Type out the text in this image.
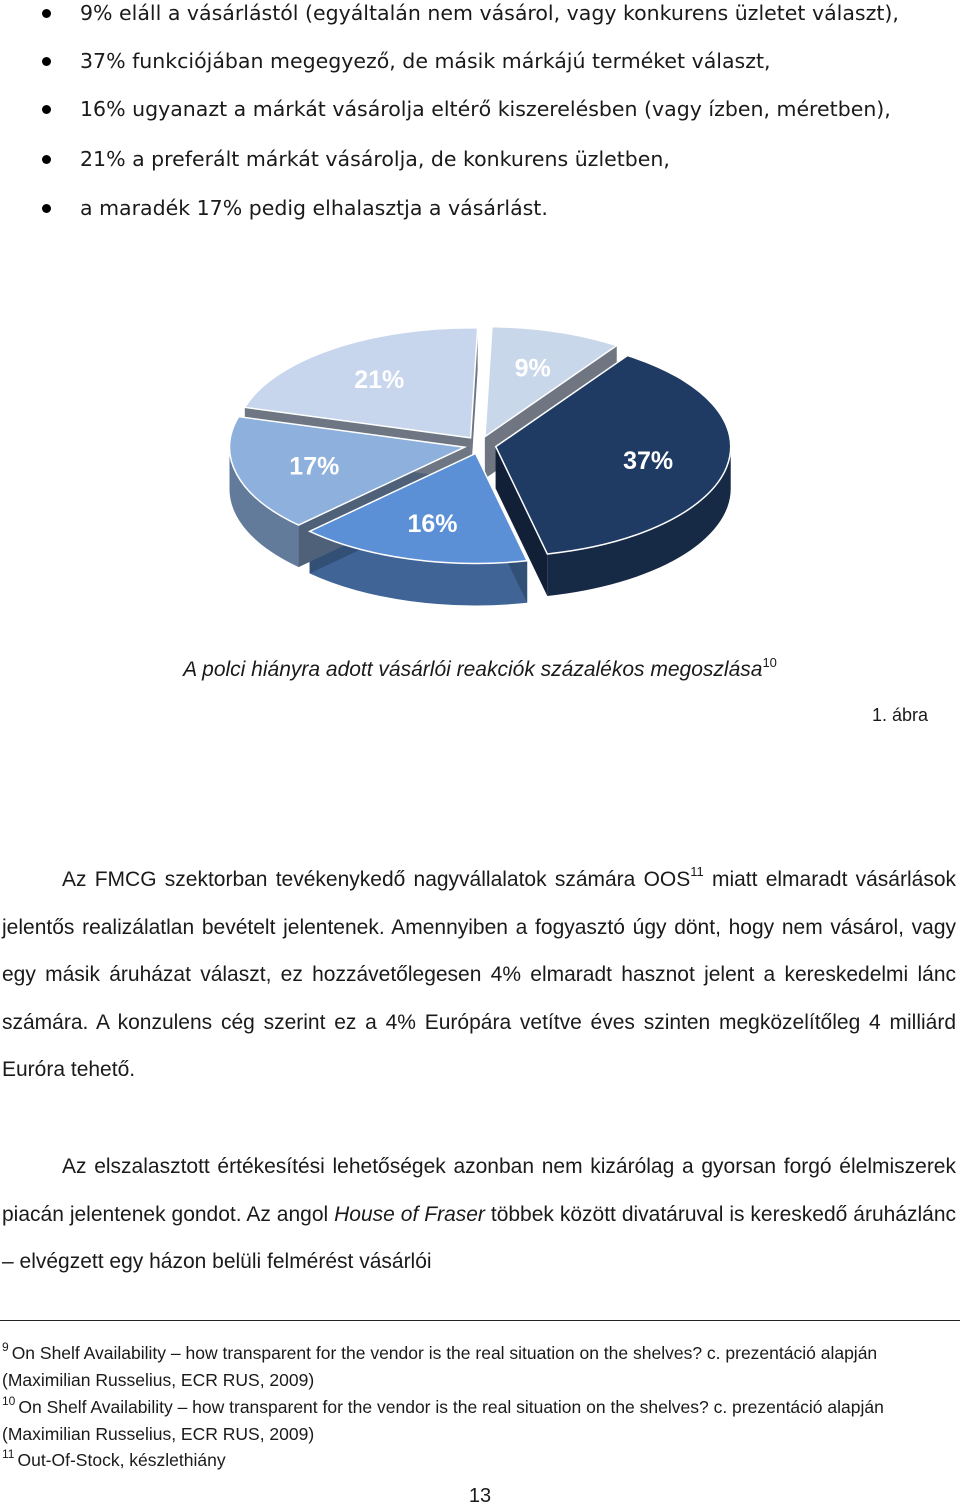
9% eláll a vásárlástól (egyáltalán nem vásárol, vagy konkurens üzletet választ),
37% funkciójában megegyező, de másik márkájú terméket választ,
16% ugyanazt a márkát vásárolja eltérő kiszerelésben (vagy ízben, méretben),
21% a preferált márkát vásárolja, de konkurens üzletben,
a maradék 17% pedig elhalasztja a vásárlást.
9%
37%
16%
17%
21%
A polci hiányra adott vásárlói reakciók százalékos megoszlása$^{10}$
1. ábra
Az FMCG szektorban tevékenykedő nagyvállalatok számára OOS$^{11}$ miatt elmaradt vásárlások jelentős realizálatlan bevételt jelentenek. Amennyiben a fogyasztó úgy dönt, hogy nem vásárol, vagy egy másik áruházat választ, ez hozzávetőlegesen 4% elmaradt hasznot jelent a kereskedelmi lánc számára. A konzulens cég szerint ez a 4% Európára vetítve éves szinten megközelítőleg 4 milliárd Euróra tehető.
Az elszalasztott értékesítési lehetőségek azonban nem kizárólag a gyorsan forgó élelmiszerek piacán jelentenek gondot. Az angol House of Fraser többek között divatáruval is kereskedő áruházlánc – elvégzett egy házon belüli felmérést vásárlói
$^9$ On Shelf Availability – how transparent for the vendor is the real situation on the shelves? c. prezentáció alapján (Maximilian Russelius, ECR RUS, 2009)
$^{10}$ On Shelf Availability – how transparent for the vendor is the real situation on the shelves? c. prezentáció alapján (Maximilian Russelius, ECR RUS, 2009)
$^{11}$ Out-Of-Stock, készlethiány
13
